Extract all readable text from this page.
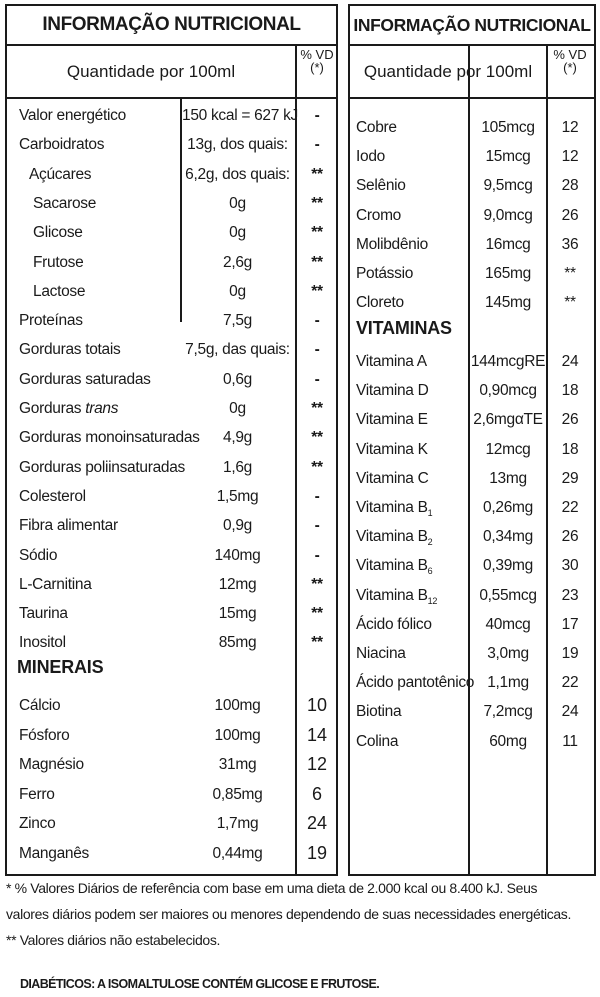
INFORMAÇÃO NUTRICIONAL
Quantidade por 100ml
% VD
(*)
Valor energético	150 kcal = 627 kJ	-
Carboidratos	13g, dos quais:	-
Açúcares	6,2g, dos quais:	**
Sacarose	0g	**
Glicose	0g	**
Frutose	2,6g	**
Lactose	0g	**
Proteínas	7,5g	-
Gorduras totais	7,5g, das quais:	-
Gorduras saturadas	0,6g	-
Gorduras trans	0g	**
Gorduras monoinsaturadas	4,9g	**
Gorduras poliinsaturadas	1,6g	**
Colesterol	1,5mg	-
Fibra alimentar	0,9g	-
Sódio	140mg	-
L-Carnitina	12mg	**
Taurina	15mg	**
Inositol	85mg	**
MINERAIS
Cálcio	100mg	10
Fósforo	100mg	14
Magnésio	31mg	12
Ferro	0,85mg	6
Zinco	1,7mg	24
Manganês	0,44mg	19
INFORMAÇÃO NUTRICIONAL
Quantidade por 100ml
% VD
(*)
Cobre	105mcg	12
Iodo	15mcg	12
Selênio	9,5mcg	28
Cromo	9,0mcg	26
Molibdênio	16mcg	36
Potássio	165mg	**
Cloreto	145mg	**
VITAMINAS
Vitamina A	144mcgRE	24
Vitamina D	0,90mcg	18
Vitamina E	2,6mgαTE	26
Vitamina K	12mcg	18
Vitamina C	13mg	29
Vitamina $B_1$	0,26mg	22
Vitamina $B_2$	0,34mg	26
Vitamina $B_6$	0,39mg	30
Vitamina $B_{12}$	0,55mcg	23
Ácido fólico	40mcg	17
Niacina	3,0mg	19
Ácido pantotênico 1,1mg	22
Biotina	7,2mcg	24
Colina	60mg	11
* % Valores Diários de referência com base em uma dieta de 2.000 kcal ou 8.400 kJ. Seus
valores diários podem ser maiores ou menores dependendo de suas necessidades energéticas.
** Valores diários não estabelecidos.
DIABÉTICOS: A ISOMALTULOSE CONTÉM GLICOSE E FRUTOSE.
